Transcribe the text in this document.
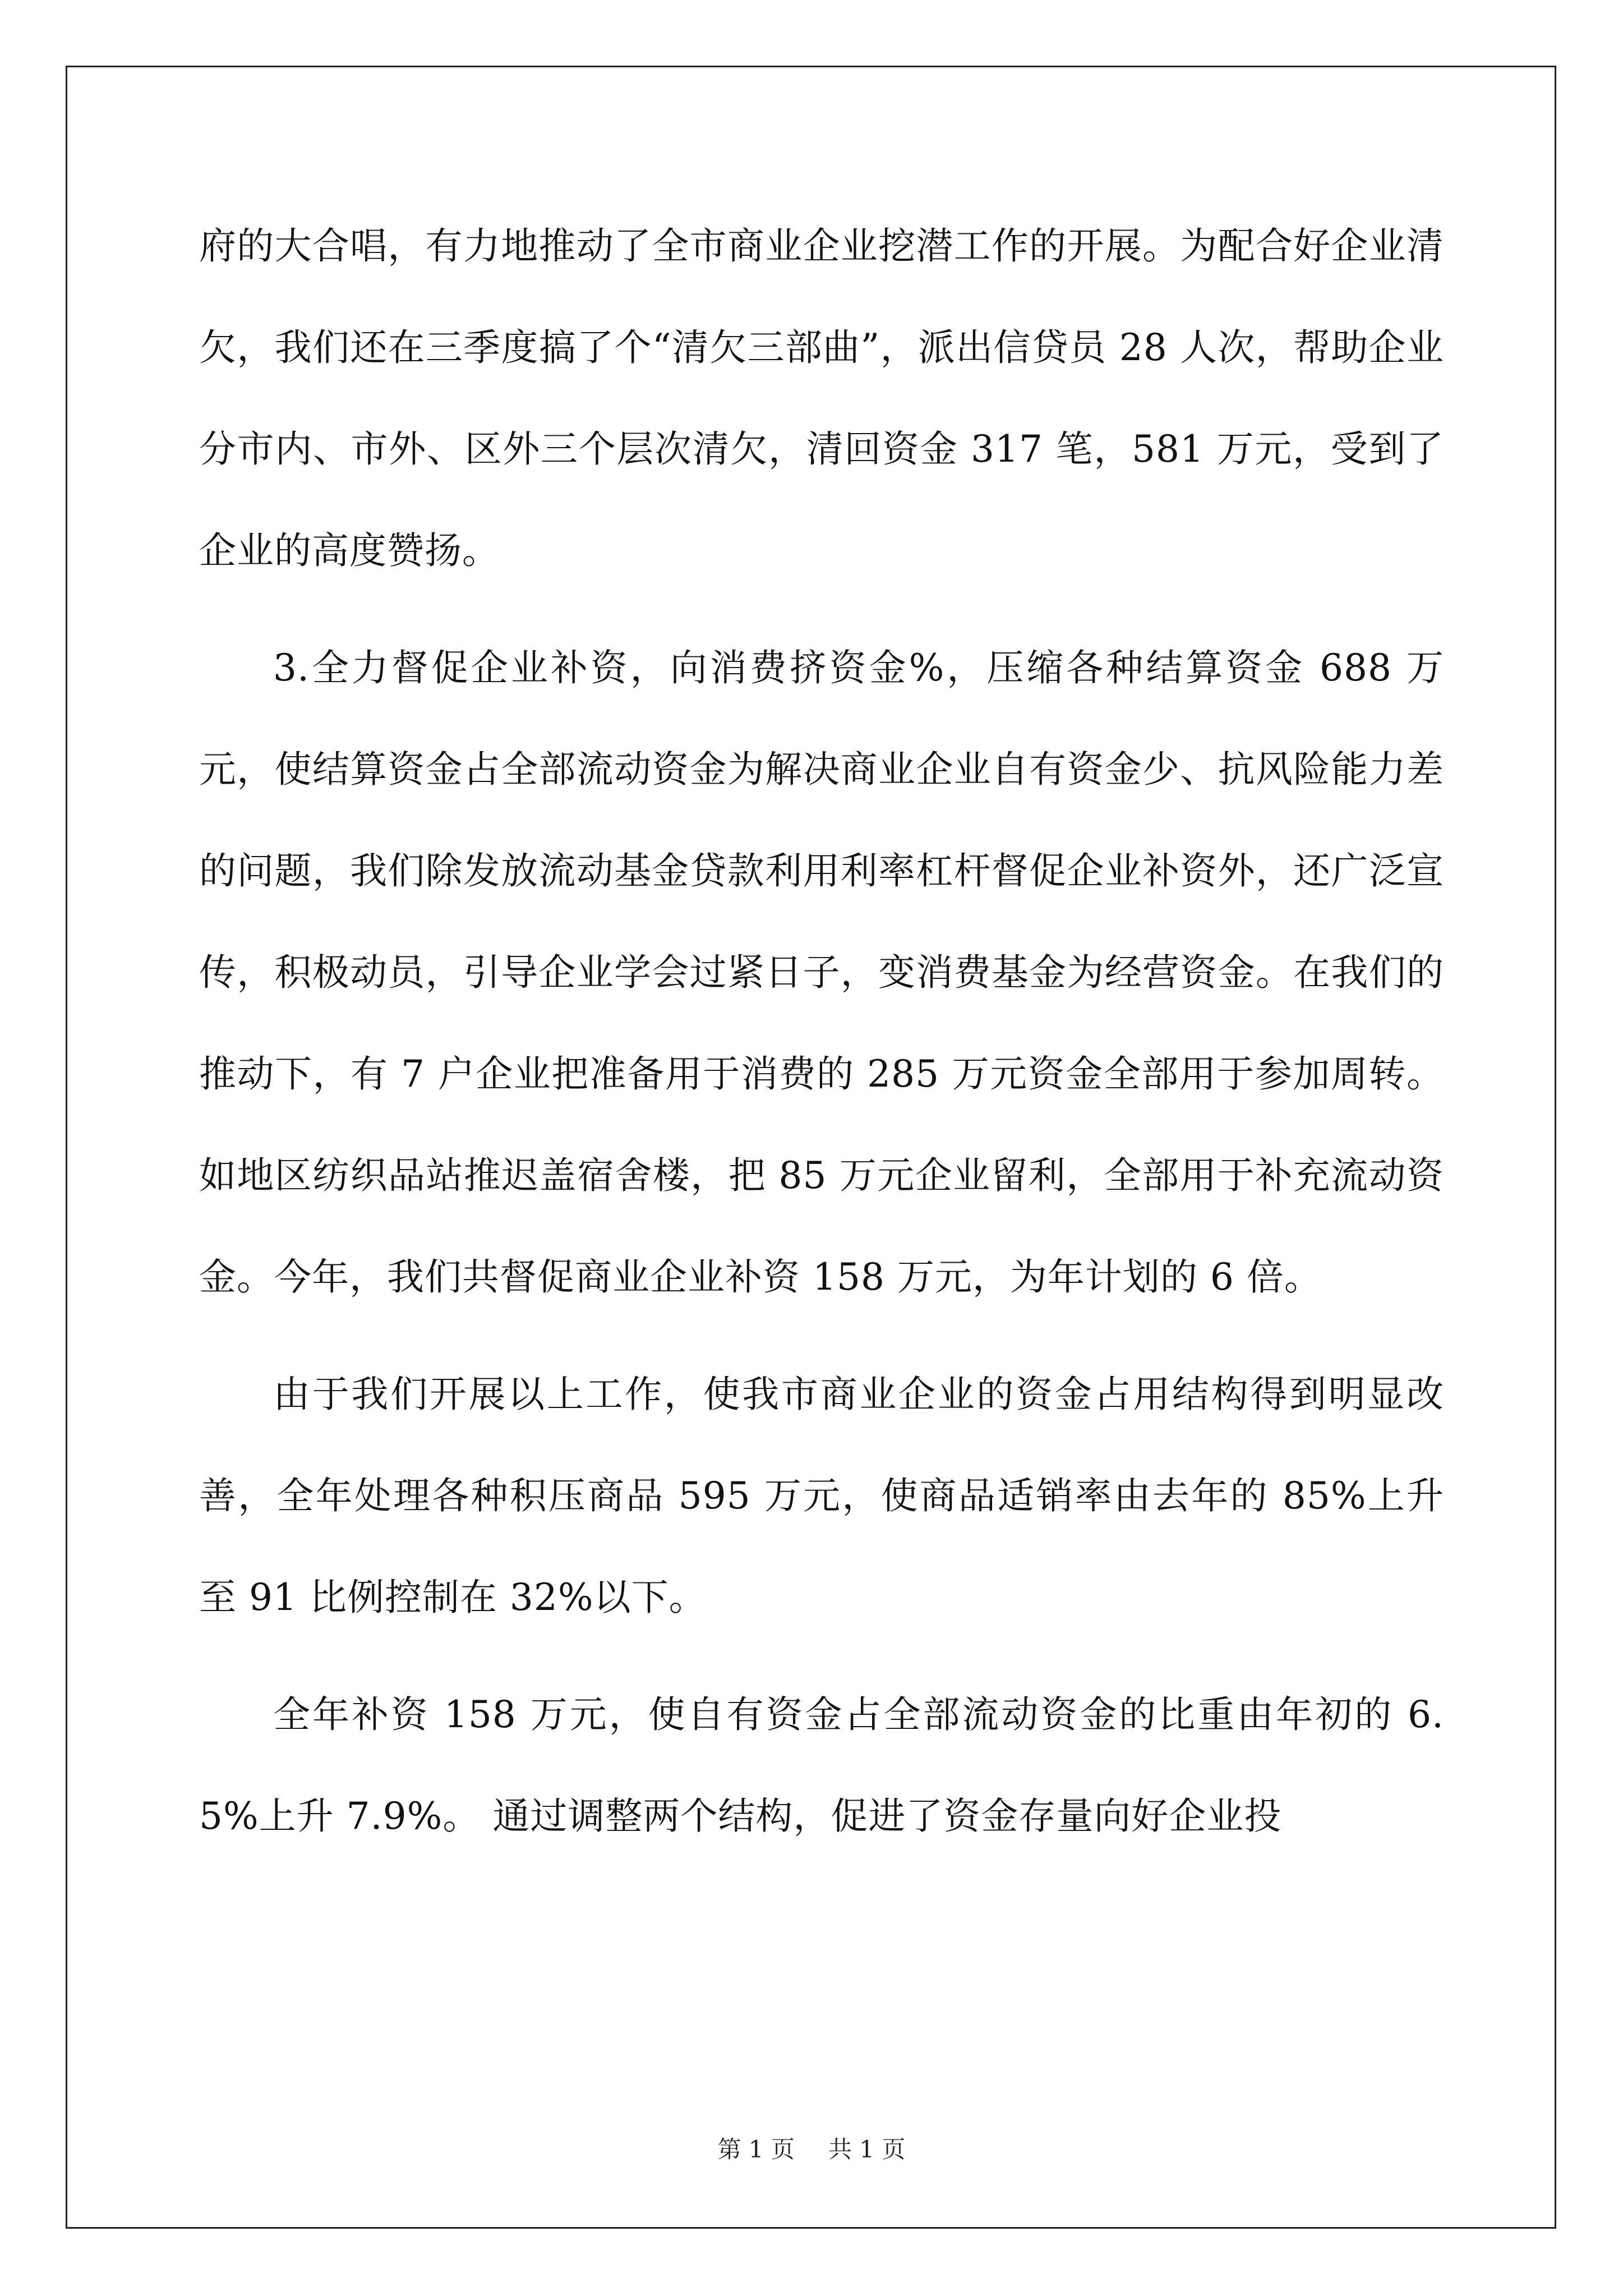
府的大合唱，有力地推动了全市商业企业挖潜工作的开展。为配合好企业清欠，我们还在三季度搞了个“清欠三部曲”，派出信贷员 28 人次，帮助企业分市内、市外、区外三个层次清欠，清回资金 317 笔，581 万元，受到了企业的高度赞扬。

3.全力督促企业补资，向消费挤资金%，压缩各种结算资金 688 万元，使结算资金占全部流动资金为解决商业企业自有资金少、抗风险能力差的问题，我们除发放流动基金贷款利用利率杠杆督促企业补资外，还广泛宣传，积极动员，引导企业学会过紧日子，变消费基金为经营资金。在我们的推动下，有 7 户企业把准备用于消费的 285 万元资金全部用于参加周转。如地区纺织品站推迟盖宿舍楼，把 85 万元企业留利，全部用于补充流动资金。今年，我们共督促商业企业补资 158 万元，为年计划的 6 倍。

由于我们开展以上工作，使我市商业企业的资金占用结构得到明显改善，全年处理各种积压商品 595 万元，使商品适销率由去年的 85%上升至 91 比例控制在 32%以下。

全年补资 158 万元，使自有资金占全部流动资金的比重由年初的 6.5%上升 7.9%。 通过调整两个结构，促进了资金存量向好企业投

第 1 页 共 1 页
